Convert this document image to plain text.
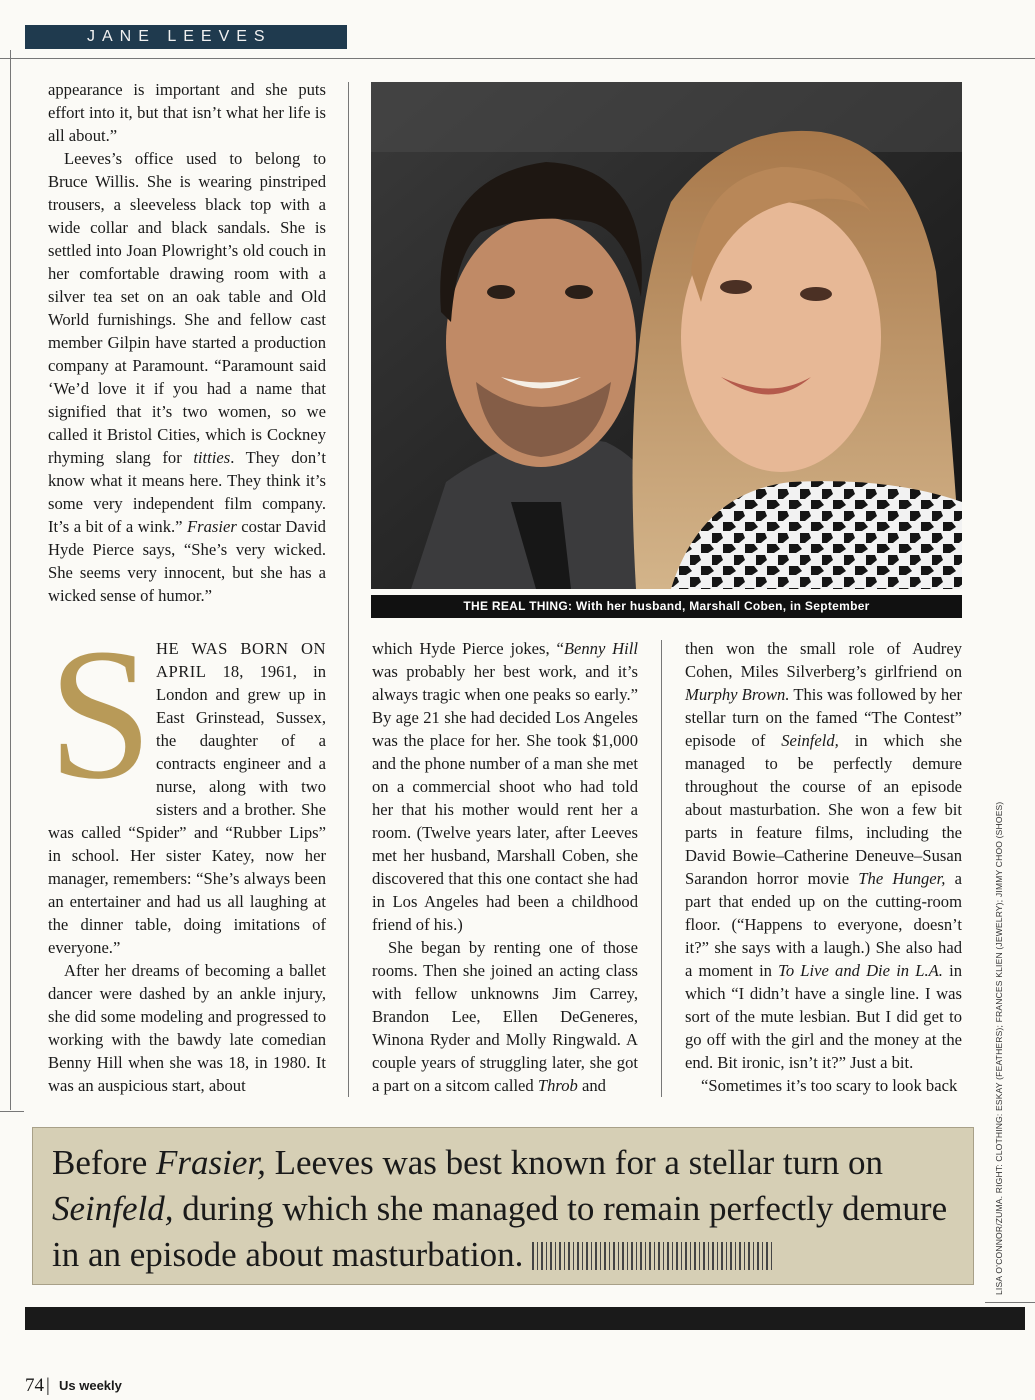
JANE LEEVES

appearance is important and she puts effort into it, but that isn’t what her life is all about.”

Leeves’s office used to belong to Bruce Willis. She is wearing pinstriped trousers, a sleeveless black top with a wide collar and black sandals. She is settled into Joan Plowright’s old couch in her comfortable drawing room with a silver tea set on an oak table and Old World furnishings. She and fellow cast member Gilpin have started a production company at Paramount. “Paramount said ‘We’d love it if you had a name that signified that it’s two women, so we called it Bristol Cities, which is Cockney rhyming slang for titties. They don’t know what it means here. They think it’s some very independent film company. It’s a bit of a wink.” Frasier costar David Hyde Pierce says, “She’s very wicked. She seems very innocent, but she has a wicked sense of humor.”

THE REAL THING: With her husband, Marshall Coben, in September

SHE WAS BORN ON APRIL 18, 1961, in London and grew up in East Grinstead, Sussex, the daughter of a contracts engineer and a nurse, along with two sisters and a brother. She was called “Spider” and “Rubber Lips” in school. Her sister Katey, now her manager, remembers: “She’s always been an entertainer and had us all laughing at the dinner table, doing imitations of everyone.”

After her dreams of becoming a ballet dancer were dashed by an ankle injury, she did some modeling and progressed to working with the bawdy late comedian Benny Hill when she was 18, in 1980. It was an auspicious start, about

which Hyde Pierce jokes, “Benny Hill was probably her best work, and it’s always tragic when one peaks so early.” By age 21 she had decided Los Angeles was the place for her. She took $1,000 and the phone number of a man she met on a commercial shoot who had told her that his mother would rent her a room. (Twelve years later, after Leeves met her husband, Marshall Coben, she discovered that this one contact she had in Los Angeles had been a childhood friend of his.)

She began by renting one of those rooms. Then she joined an acting class with fellow unknowns Jim Carrey, Brandon Lee, Ellen DeGeneres, Winona Ryder and Molly Ringwald. A couple years of struggling later, she got a part on a sitcom called Throb and

then won the small role of Audrey Cohen, Miles Silverberg’s girlfriend on Murphy Brown. This was followed by her stellar turn on the famed “The Contest” episode of Seinfeld, in which she managed to be perfectly demure throughout the course of an episode about masturbation. She won a few bit parts in feature films, including the David Bowie–Catherine Deneuve–Susan Sarandon horror movie The Hunger, a part that ended up on the cutting-room floor. (“Happens to everyone, doesn’t it?” she says with a laugh.) She also had a moment in To Live and Die in L.A. in which “I didn’t have a single line. I was sort of the mute lesbian. But I did get to go off with the girl and the money at the end. Bit ironic, isn’t it?” Just a bit.

“Sometimes it’s too scary to look back

Before Frasier, Leeves was best known for a stellar turn on Seinfeld, during which she managed to remain perfectly demure in an episode about masturbation.
74 | Us weekly
LISA O’CONNOR/ZUMA. RIGHT: CLOTHING: ESKAY (FEATHERS); FRANCES KLIEN (JEWELRY); JIMMY CHOO (SHOES)
